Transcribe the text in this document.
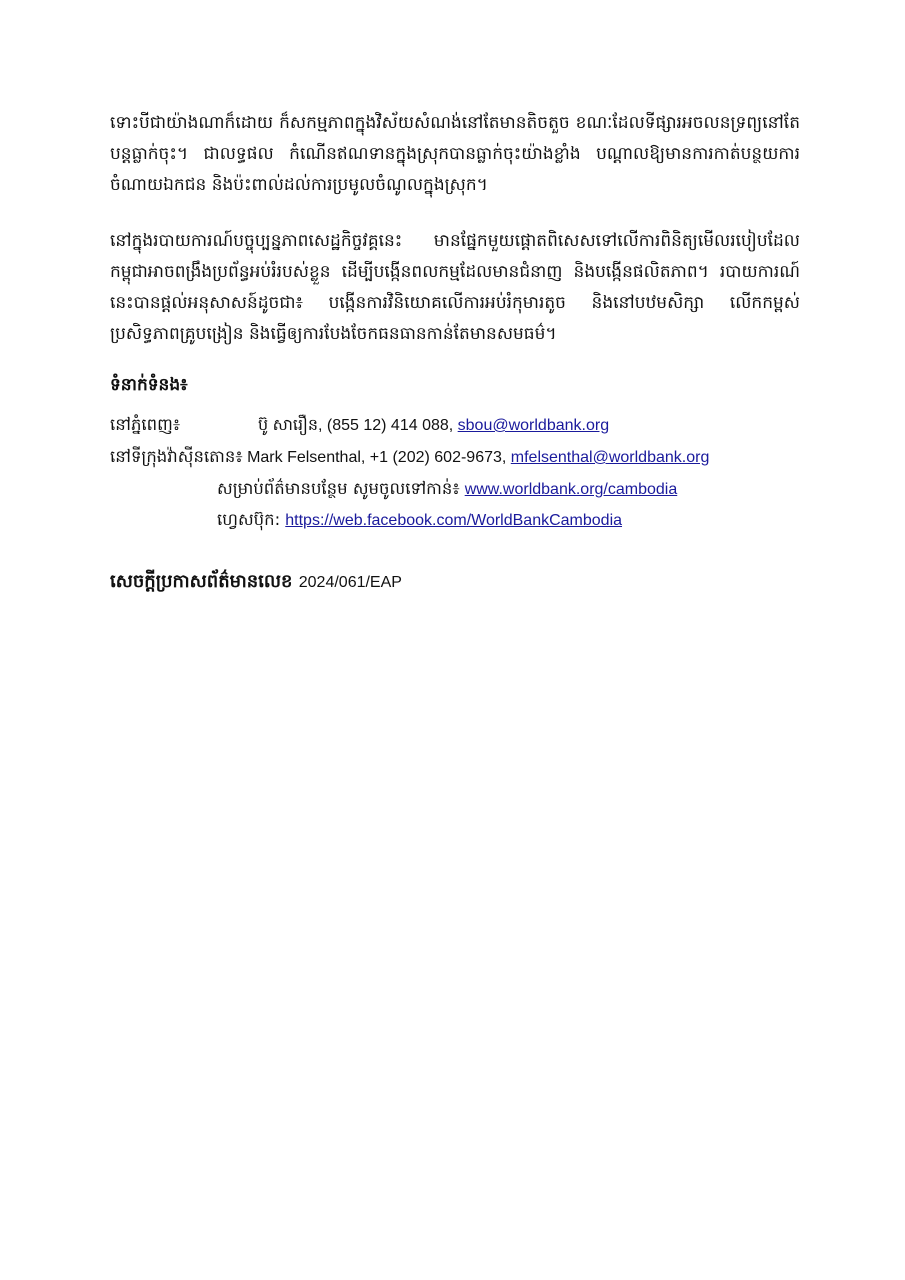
ទោះបីជាយ៉ាងណាក៏ដោយ ក៏សកម្មភាពក្នុងវិស័យសំណង់នៅតែមានតិចតួច ខណៈដែលទីផ្សារអចលនទ្រព្យនៅតែបន្តធ្លាក់ចុះ។ ជាលទ្ធផល កំណើនឥណទានក្នុងស្រុកបានធ្លាក់ចុះយ៉ាងខ្លាំង បណ្តាលឱ្យមានការកាត់បន្ថយការចំណាយឯកជន និងប៉ះពាល់ដល់ការប្រមូលចំណូលក្នុងស្រុក។

នៅក្នុងរបាយការណ៍បច្ចុប្បន្នភាពសេដ្ឋកិច្ចវគ្គនេះ មានផ្នែកមួយផ្តោតពិសេសទៅលើការពិនិត្យមើលរបៀបដែលកម្ពុជាអាចពង្រឹងប្រព័ន្ធអប់រំរបស់ខ្លួន ដើម្បីបង្កើនពលកម្មដែលមានជំនាញ និងបង្កើនផលិតភាព។ របាយការណ៍នេះបានផ្តល់អនុសាសន៍ដូចជា៖ បង្កើនការវិនិយោគលើការអប់រំកុមារតូច និងនៅបឋមសិក្សា លើកកម្ពស់ប្រសិទ្ធភាពគ្រូបង្រៀន និងធ្វើឲ្យការបែងចែកធនធានកាន់តែមានសមធម៌។

ទំនាក់ទំនង៖
នៅភ្នំពេញ៖	ប៊ូ សារឿន, (855 12) 414 088, sbou@worldbank.org
នៅទីក្រុងវ៉ាស៊ីនតោន៖ Mark Felsenthal, +1 (202) 602-9673, mfelsenthal@worldbank.org
សម្រាប់ព័ត៌មានបន្ថែម សូមចូលទៅកាន់៖ www.worldbank.org/cambodia
ហ្វេសប៊ុក: https://web.facebook.com/WorldBankCambodia
សេចក្តីប្រកាសព័ត៌មានលេខ 2024/061/EAP
